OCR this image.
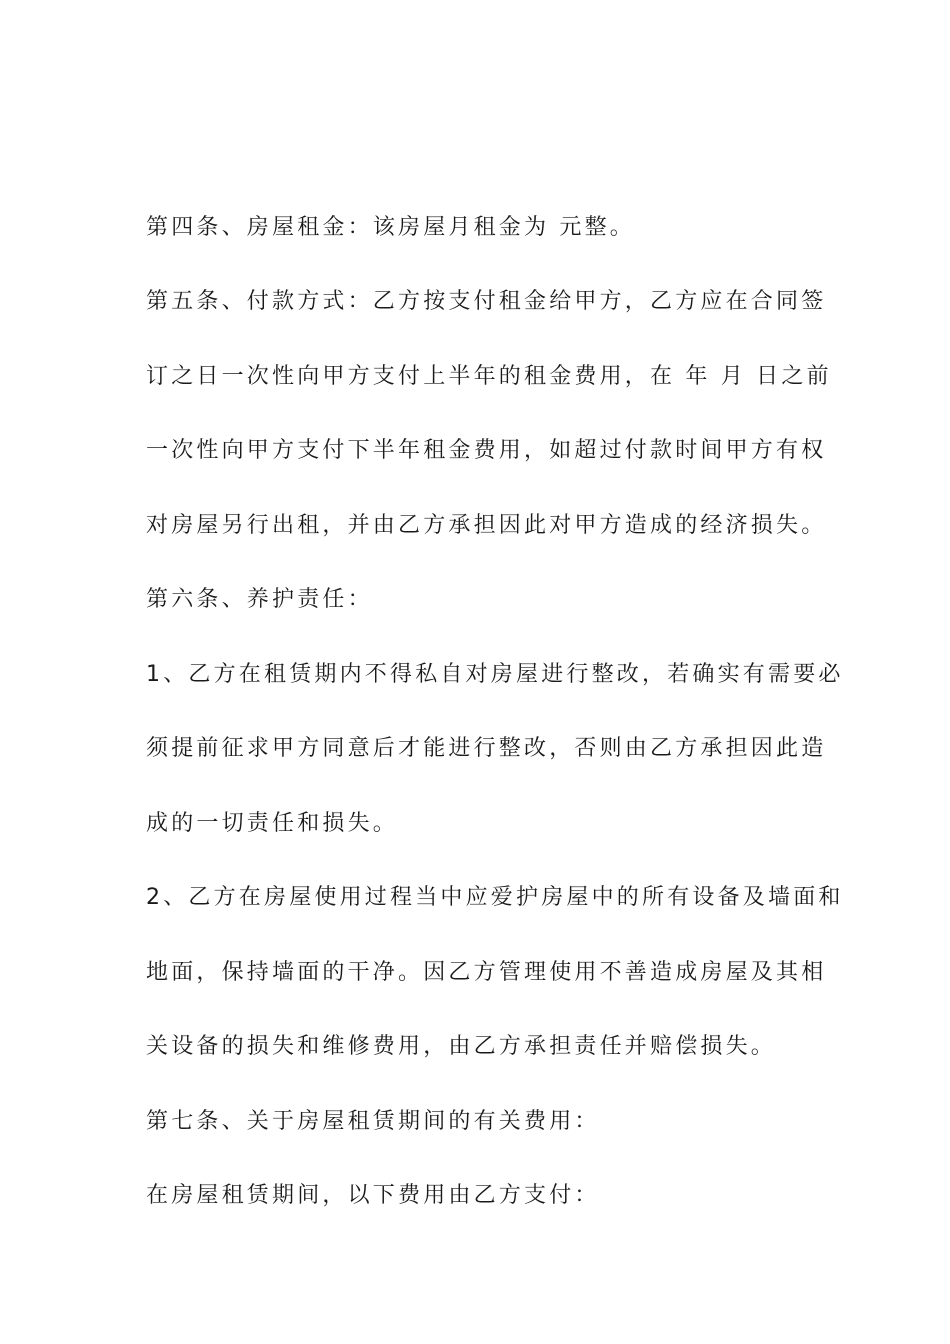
第四条、房屋租金：该房屋月租金为 元整。
第五条、付款方式：乙方按支付租金给甲方，乙方应在合同签
订之日一次性向甲方支付上半年的租金费用，在 年 月 日之前
一次性向甲方支付下半年租金费用，如超过付款时间甲方有权
对房屋另行出租，并由乙方承担因此对甲方造成的经济损失。
第六条、养护责任：
1、乙方在租赁期内不得私自对房屋进行整改，若确实有需要必
须提前征求甲方同意后才能进行整改，否则由乙方承担因此造
成的一切责任和损失。
2、乙方在房屋使用过程当中应爱护房屋中的所有设备及墙面和
地面，保持墙面的干净。因乙方管理使用不善造成房屋及其相
关设备的损失和维修费用，由乙方承担责任并赔偿损失。
第七条、关于房屋租赁期间的有关费用：
在房屋租赁期间，以下费用由乙方支付：
